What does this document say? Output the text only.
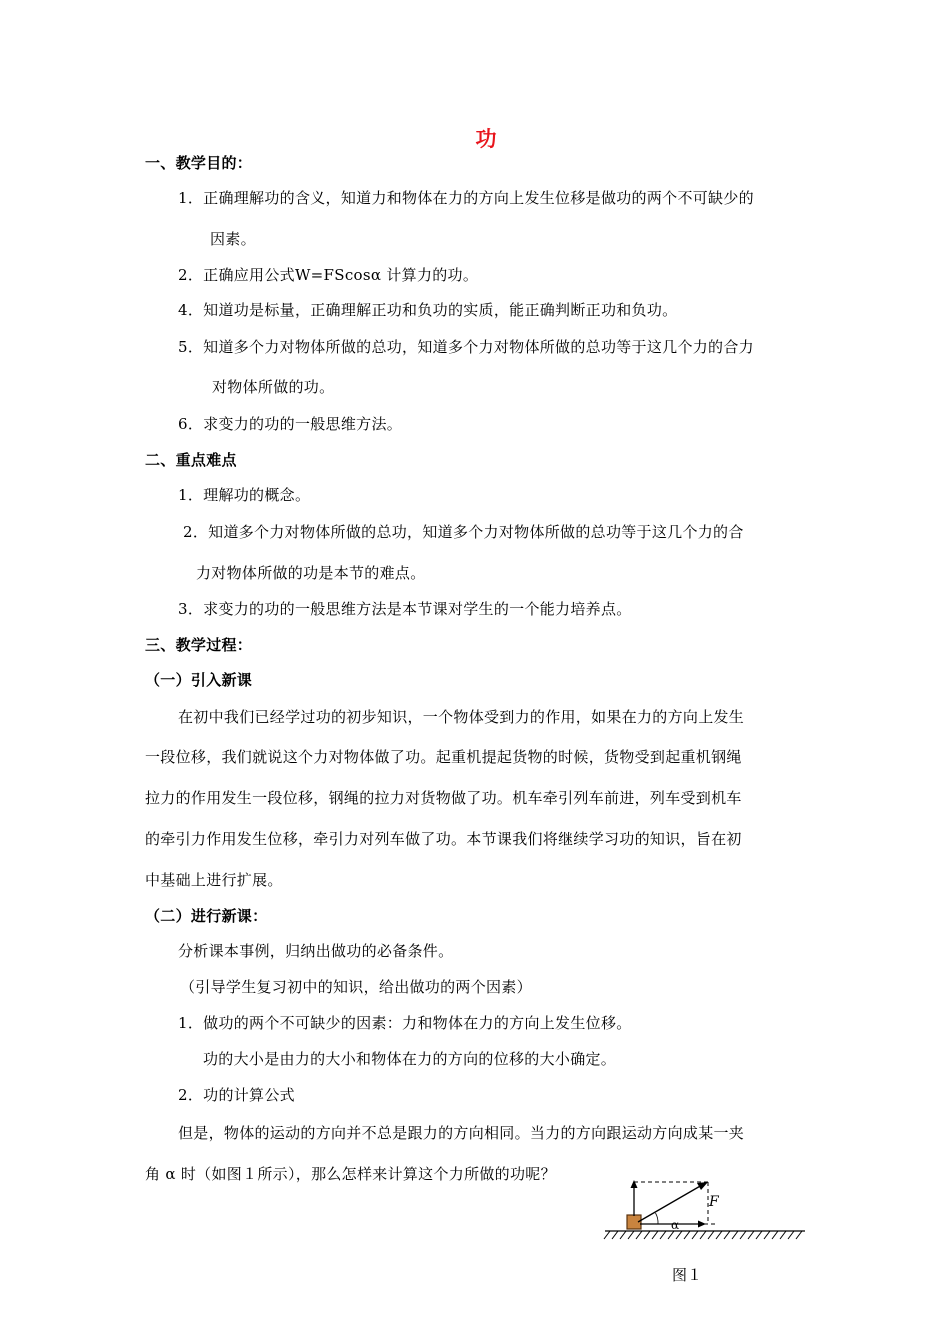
功
一、教学目的：
1．正确理解功的含义，知道力和物体在力的方向上发生位移是做功的两个不可缺少的
因素。
2．正确应用公式W=FScosα 计算力的功。
4．知道功是标量，正确理解正功和负功的实质，能正确判断正功和负功。
5．知道多个力对物体所做的总功，知道多个力对物体所做的总功等于这几个力的合力
对物体所做的功。
6．求变力的功的一般思维方法。
二、重点难点
1．理解功的概念。
2．知道多个力对物体所做的总功，知道多个力对物体所做的总功等于这几个力的合
力对物体所做的功是本节的难点。
3．求变力的功的一般思维方法是本节课对学生的一个能力培养点。
三、教学过程：
（一）引入新课
在初中我们已经学过功的初步知识，一个物体受到力的作用，如果在力的方向上发生
一段位移，我们就说这个力对物体做了功。起重机提起货物的时候，货物受到起重机钢绳
拉力的作用发生一段位移，钢绳的拉力对货物做了功。机车牵引列车前进，列车受到机车
的牵引力作用发生位移，牵引力对列车做了功。本节课我们将继续学习功的知识，旨在初
中基础上进行扩展。
（二）进行新课：
分析课本事例，归纳出做功的必备条件。
（引导学生复习初中的知识，给出做功的两个因素）
1．做功的两个不可缺少的因素：力和物体在力的方向上发生位移。
功的大小是由力的大小和物体在力的方向的位移的大小确定。
2．功的计算公式
但是，物体的运动的方向并不总是跟力的方向相同。当力的方向跟运动方向成某一夹
角 α 时（如图１所示），那么怎样来计算这个力所做的功呢？
α
F
图１
